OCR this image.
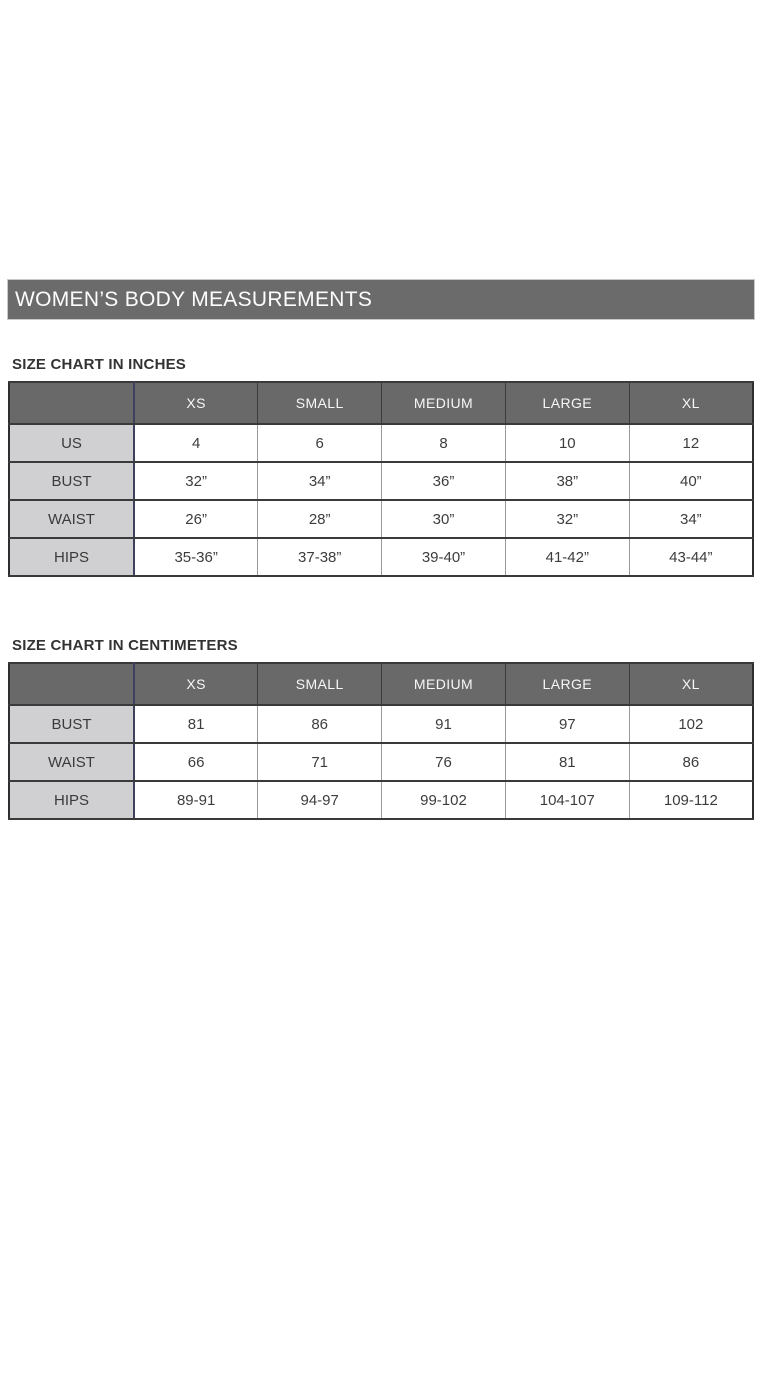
WOMEN’S BODY MEASUREMENTS
SIZE CHART IN INCHES
	XS	SMALL	MEDIUM	LARGE	XL
US	4	6	8	10	12
BUST	32”	34”	36”	38”	40”
WAIST	26”	28”	30”	32”	34”
HIPS	35-36”	37-38”	39-40”	41-42”	43-44”
SIZE CHART IN CENTIMETERS
	XS	SMALL	MEDIUM	LARGE	XL
BUST	81	86	91	97	102
WAIST	66	71	76	81	86
HIPS	89-91	94-97	99-102	104-107	109-112
